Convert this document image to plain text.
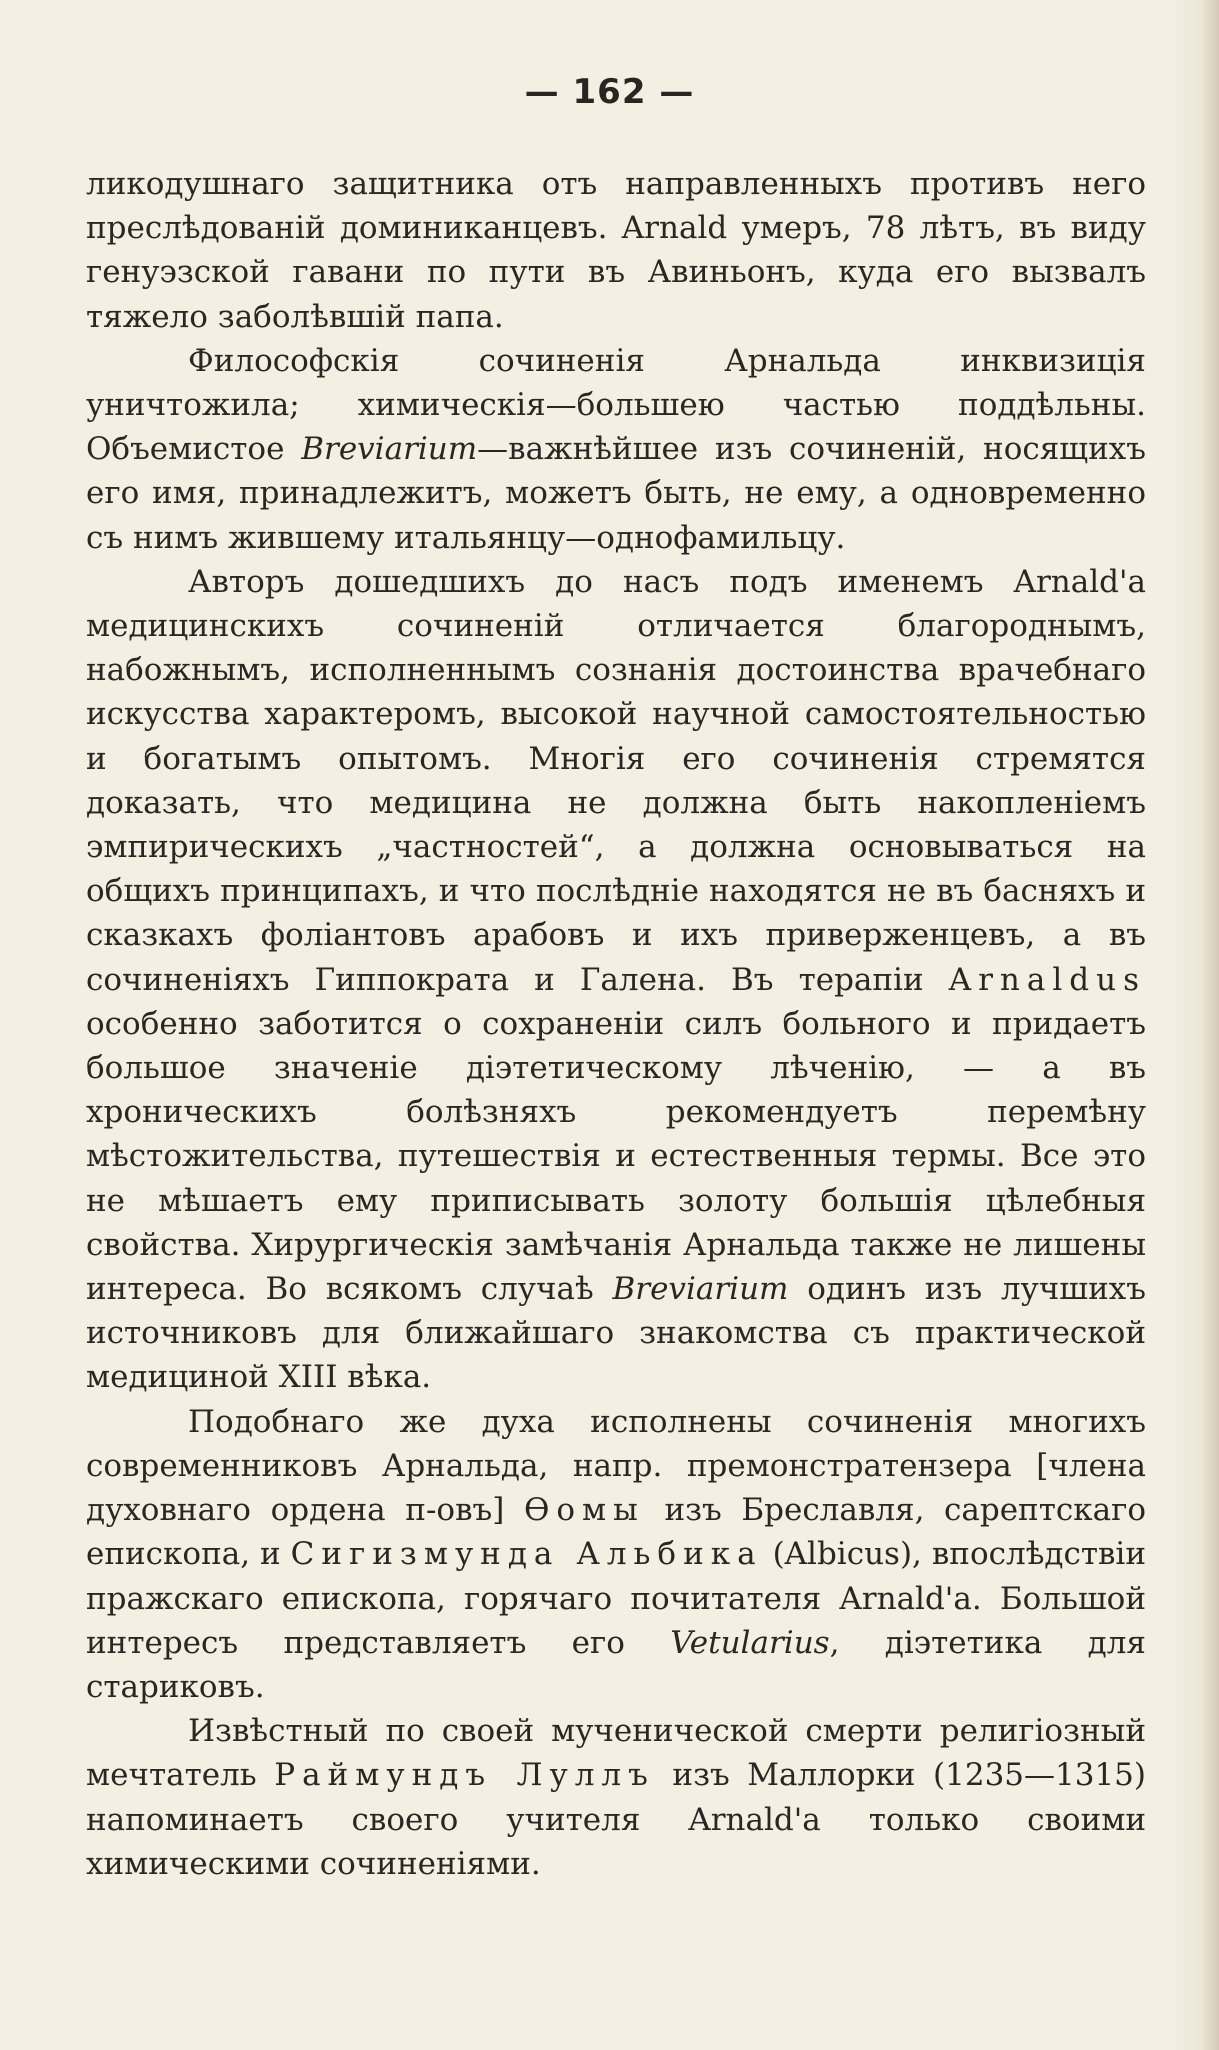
— 162 —

ликодушнаго защитника отъ направленныхъ противъ него преслѣдованій доминиканцевъ. Arnald умеръ, 78 лѣтъ, въ виду генуэзской гавани по пути въ Авиньонъ, куда его вызвалъ тяжело заболѣвшій папа.

Философскія сочиненія Арнальда инквизиція уничтожила; химическія—большею частью поддѣльны. Объемистое Breviarium—важнѣйшее изъ сочиненій, носящихъ его имя, принадлежитъ, можетъ быть, не ему, а одновременно съ нимъ жившему итальянцу—однофамильцу.

Авторъ дошедшихъ до насъ подъ именемъ Arnald'a медицинскихъ сочиненій отличается благороднымъ, набожнымъ, исполненнымъ сознанія достоинства врачебнаго искусства характеромъ, высокой научной самостоятельностью и богатымъ опытомъ. Многія его сочиненія стремятся доказать, что медицина не должна быть накопленіемъ эмпирическихъ „частностей“, а должна основываться на общихъ принципахъ, и что послѣдніе находятся не въ басняхъ и сказкахъ фоліантовъ арабовъ и ихъ приверженцевъ, а въ сочиненіяхъ Гиппократа и Галена. Въ терапіи Arnaldus особенно заботится о сохраненіи силъ больного и придаетъ большое значеніе діэтетическому лѣченію, — а въ хроническихъ болѣзняхъ рекомендуетъ перемѣну мѣстожительства, путешествія и естественныя термы. Все это не мѣшаетъ ему приписывать золоту большія цѣлебныя свойства. Хирургическія замѣчанія Арнальда также не лишены интереса. Во всякомъ случаѣ Breviarium одинъ изъ лучшихъ источниковъ для ближайшаго знакомства съ практической медициной XIII вѣка.

Подобнаго же духа исполнены сочиненія многихъ современниковъ Арнальда, напр. премонстратензера [члена духовнаго ордена п-овъ] Өомы изъ Бреславля, сарептскаго епископа, и Сигизмунда Альбика (Albicus), впослѣдствіи пражскаго епископа, горячаго почитателя Arnald'a. Большой интересъ представляетъ его Vetularius, діэтетика для стариковъ.

Извѣстный по своей мученической смерти религіозный мечтатель Раймундъ Луллъ изъ Маллорки (1235—1315) напоминаетъ своего учителя Arnald'a только своими химическими сочиненіями.
